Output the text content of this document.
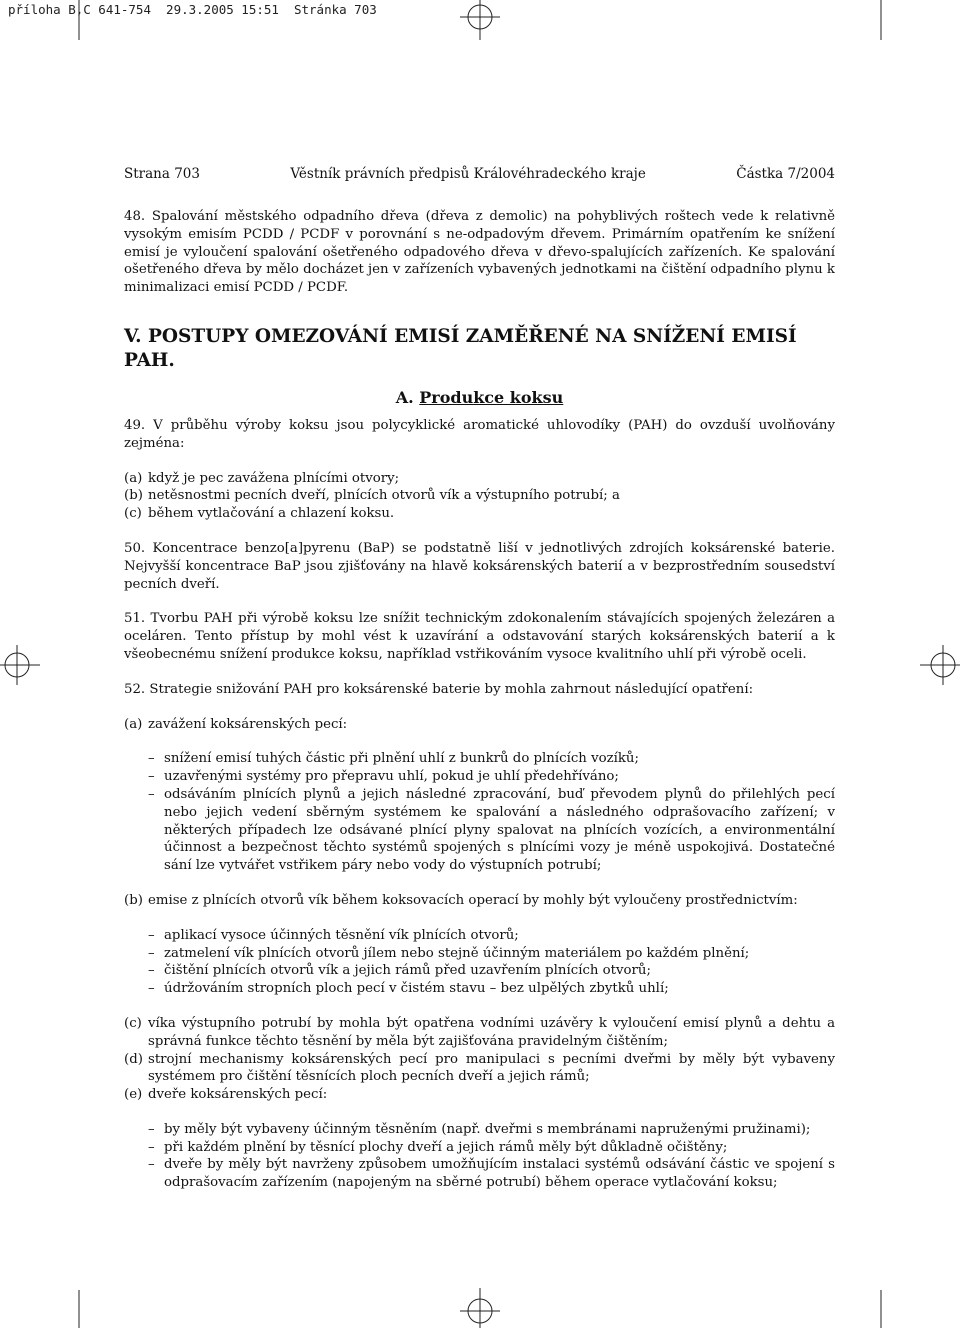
příloha B,C 641-754  29.3.2005 15:51  Stránka 703
Strana 703	Věstník právních předpisů Královéhradeckého kraje	Částka 7/2004

48. Spalování městského odpadního dřeva (dřeva z demolic) na pohyblivých roštech vede k relativně vysokým emisím PCDD / PCDF v porovnání s ne-odpadovým dřevem. Primárním opatřením ke snížení emisí je vyloučení spalování ošetřeného odpadového dřeva v dřevo-spalujících zařízeních. Ke spalování ošetřeného dřeva by mělo docházet jen v zařízeních vybavených jednotkami na čištění odpadního plynu k minimalizaci emisí PCDD / PCDF.

V. POSTUPY OMEZOVÁNÍ EMISÍ ZAMĚŘENÉ NA SNÍŽENÍ EMISÍ PAH.
A. Produkce koksu

49. V průběhu výroby koksu jsou polycyklické aromatické uhlovodíky (PAH) do ovzduší uvolňovány zejména:

(a) když je pec zavážena plnícími otvory;
(b) netěsnostmi pecních dveří, plnících otvorů vík a výstupního potrubí; a
(c) během vytlačování a chlazení koksu.

50. Koncentrace benzo[a]pyrenu (BaP) se podstatně liší v jednotlivých zdrojích koksárenské baterie. Nejvyšší koncentrace BaP jsou zjišťovány na hlavě koksárenských baterií a v bezprostředním sousedství pecních dveří.

51. Tvorbu PAH při výrobě koksu lze snížit technickým zdokonalením stávajících spojených železáren a oceláren. Tento přístup by mohl vést k uzavírání a odstavování starých koksárenských baterií a k všeobecnému snížení produkce koksu, například vstřikováním vysoce kvalitního uhlí při výrobě oceli.

52. Strategie snižování PAH pro koksárenské baterie by mohla zahrnout následující opatření:

(a) zavážení koksárenských pecí:
– snížení emisí tuhých částic při plnění uhlí z bunkrů do plnících vozíků;
– uzavřenými systémy pro přepravu uhlí, pokud je uhlí předehříváno;
– odsáváním plnících plynů a jejich následné zpracování, buď převodem plynů do přilehlých pecí nebo jejich vedení sběrným systémem ke spalování a následného odprašovacího zařízení; v některých případech lze odsávané plnící plyny spalovat na plnících vozících, a environmentální účinnost a bezpečnost těchto systémů spojených s plnícími vozy je méně uspokojivá. Dostatečné sání lze vytvářet vstřikem páry nebo vody do výstupních potrubí;
(b) emise z plnících otvorů vík během koksovacích operací by mohly být vyloučeny prostřednictvím:
– aplikací vysoce účinných těsnění vík plnících otvorů;
– zatmelení vík plnících otvorů jílem nebo stejně účinným materiálem po každém plnění;
– čištění plnících otvorů vík a jejich rámů před uzavřením plnících otvorů;
– údržováním stropních ploch pecí v čistém stavu – bez ulpělých zbytků uhlí;
(c) víka výstupního potrubí by mohla být opatřena vodními uzávěry k vyloučení emisí plynů a dehtu a správná funkce těchto těsnění by měla být zajišťována pravidelným čištěním;
(d) strojní mechanismy koksárenských pecí pro manipulaci s pecními dveřmi by měly být vybaveny systémem pro čištění těsnících ploch pecních dveří a jejich rámů;
(e) dveře koksárenských pecí:
– by měly být vybaveny účinným těsněním (např. dveřmi s membránami napruženými pružinami);
– při každém plnění by těsnící plochy dveří a jejich rámů měly být důkladně očištěny;
– dveře by měly být navrženy způsobem umožňujícím instalaci systémů odsávání částic ve spojení s odprašovacím zařízením (napojeným na sběrné potrubí) během operace vytlačování koksu;
